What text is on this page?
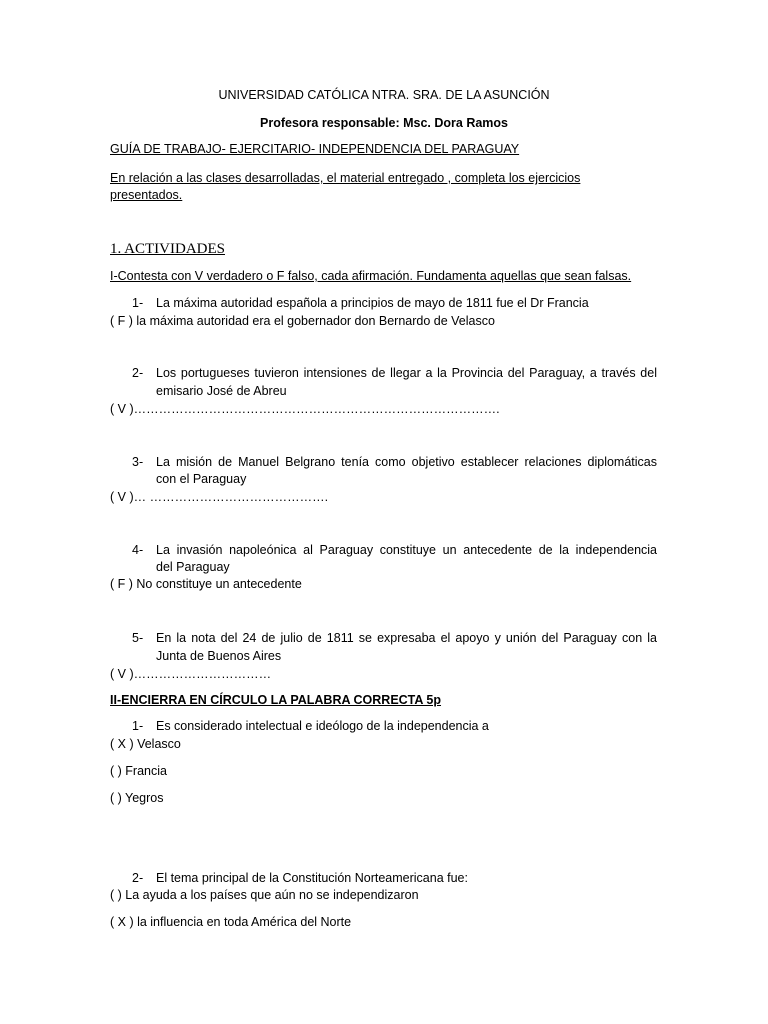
UNIVERSIDAD CATÓLICA NTRA. SRA. DE LA ASUNCIÓN
Profesora responsable: Msc. Dora Ramos
GUÍA DE TRABAJO- EJERCITARIO- INDEPENDENCIA DEL PARAGUAY
En relación a las clases desarrolladas, el material entregado , completa los ejercicios
presentados.
1. ACTIVIDADES
I-Contesta con V verdadero o F falso, cada afirmación. Fundamenta aquellas que sean falsas.
1- La máxima autoridad española a principios de mayo de 1811 fue el Dr Francia
( F ) la máxima autoridad era el gobernador don Bernardo de Velasco
2- Los portugueses tuvieron intensiones de llegar a la Provincia del Paraguay, a través del
emisario José de Abreu
( V )…………………………………………………………………………….
3- La misión de Manuel Belgrano tenía como objetivo establecer relaciones diplomáticas
con el Paraguay
( V )… …………………………………….
4- La invasión napoleónica al Paraguay constituye un antecedente de la independencia
del Paraguay
( F ) No constituye un antecedente
5- En la nota del 24 de julio de 1811 se expresaba el apoyo y unión del Paraguay con la
Junta de Buenos Aires
( V )……………………………
II-ENCIERRA EN CÍRCULO LA PALABRA CORRECTA 5p
1- Es considerado intelectual e ideólogo de la independencia a
( X ) Velasco
( ) Francia
( ) Yegros
2- El tema principal de la Constitución Norteamericana fue:
( ) La ayuda a los países que aún no se independizaron
( X ) la influencia en toda América del Norte
